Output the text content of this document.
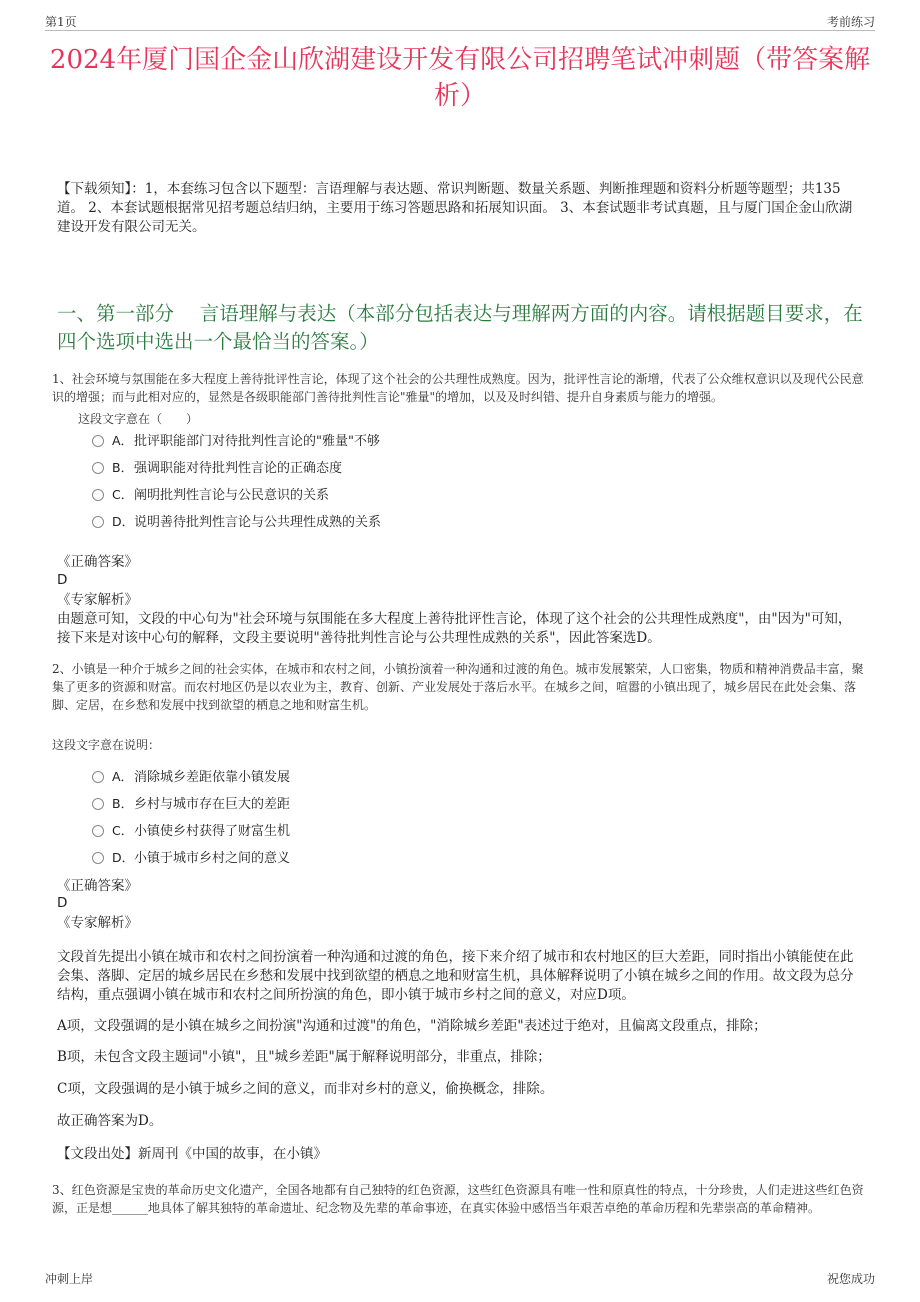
第1页	考前练习
2024年厦门国企金山欣湖建设开发有限公司招聘笔试冲刺题（带答案解析）
【下载须知】：1，本套练习包含以下题型：言语理解与表达题、常识判断题、数量关系题、判断推理题和资料分析题等题型；共135道。 2、本套试题根据常见招考题总结归纳，主要用于练习答题思路和拓展知识面。 3、本套试题非考试真题，且与厦门国企金山欣湖建设开发有限公司无关。
一、第一部分　 言语理解与表达（本部分包括表达与理解两方面的内容。请根据题目要求，在四个选项中选出一个最恰当的答案。）
1、社会环境与氛围能在多大程度上善待批评性言论，体现了这个社会的公共理性成熟度。因为，批评性言论的渐增，代表了公众维权意识以及现代公民意识的增强；而与此相对应的，显然是各级职能部门善待批判性言论"雅量"的增加，以及及时纠错、提升自身素质与能力的增强。
这段文字意在（　　）
A．批评职能部门对待批判性言论的"雅量"不够
B．强调职能对待批判性言论的正确态度
C．阐明批判性言论与公民意识的关系
D．说明善待批判性言论与公共理性成熟的关系
《正确答案》
D
《专家解析》
由题意可知，文段的中心句为"社会环境与氛围能在多大程度上善待批评性言论，体现了这个社会的公共理性成熟度"，由"因为"可知，接下来是对该中心句的解释，文段主要说明"善待批判性言论与公共理性成熟的关系"，因此答案选D。
2、小镇是一种介于城乡之间的社会实体，在城市和农村之间，小镇扮演着一种沟通和过渡的角色。城市发展繁荣，人口密集，物质和精神消费品丰富，聚集了更多的资源和财富。而农村地区仍是以农业为主，教育、创新、产业发展处于落后水平。在城乡之间，喧嚣的小镇出现了，城乡居民在此处会集、落脚、定居，在乡愁和发展中找到欲望的栖息之地和财富生机。
这段文字意在说明：
A．消除城乡差距依靠小镇发展
B．乡村与城市存在巨大的差距
C．小镇使乡村获得了财富生机
D．小镇于城市乡村之间的意义
《正确答案》
D
《专家解析》
文段首先提出小镇在城市和农村之间扮演着一种沟通和过渡的角色，接下来介绍了城市和农村地区的巨大差距，同时指出小镇能使在此会集、落脚、定居的城乡居民在乡愁和发展中找到欲望的栖息之地和财富生机，具体解释说明了小镇在城乡之间的作用。故文段为总分结构，重点强调小镇在城市和农村之间所扮演的角色，即小镇于城市乡村之间的意义，对应D项。
A项，文段强调的是小镇在城乡之间扮演"沟通和过渡"的角色，"消除城乡差距"表述过于绝对，且偏离文段重点，排除；
B项，未包含文段主题词"小镇"，且"城乡差距"属于解释说明部分，非重点，排除；
C项，文段强调的是小镇于城乡之间的意义，而非对乡村的意义，偷换概念，排除。
故正确答案为D。
【文段出处】新周刊《中国的故事，在小镇》
3、红色资源是宝贵的革命历史文化遗产，全国各地都有自己独特的红色资源，这些红色资源具有唯一性和原真性的特点，十分珍贵，人们走进这些红色资源，正是想______地具体了解其独特的革命遗址、纪念物及先辈的革命事迹，在真实体验中感悟当年艰苦卓绝的革命历程和先辈崇高的革命精神。
冲刺上岸	祝您成功
